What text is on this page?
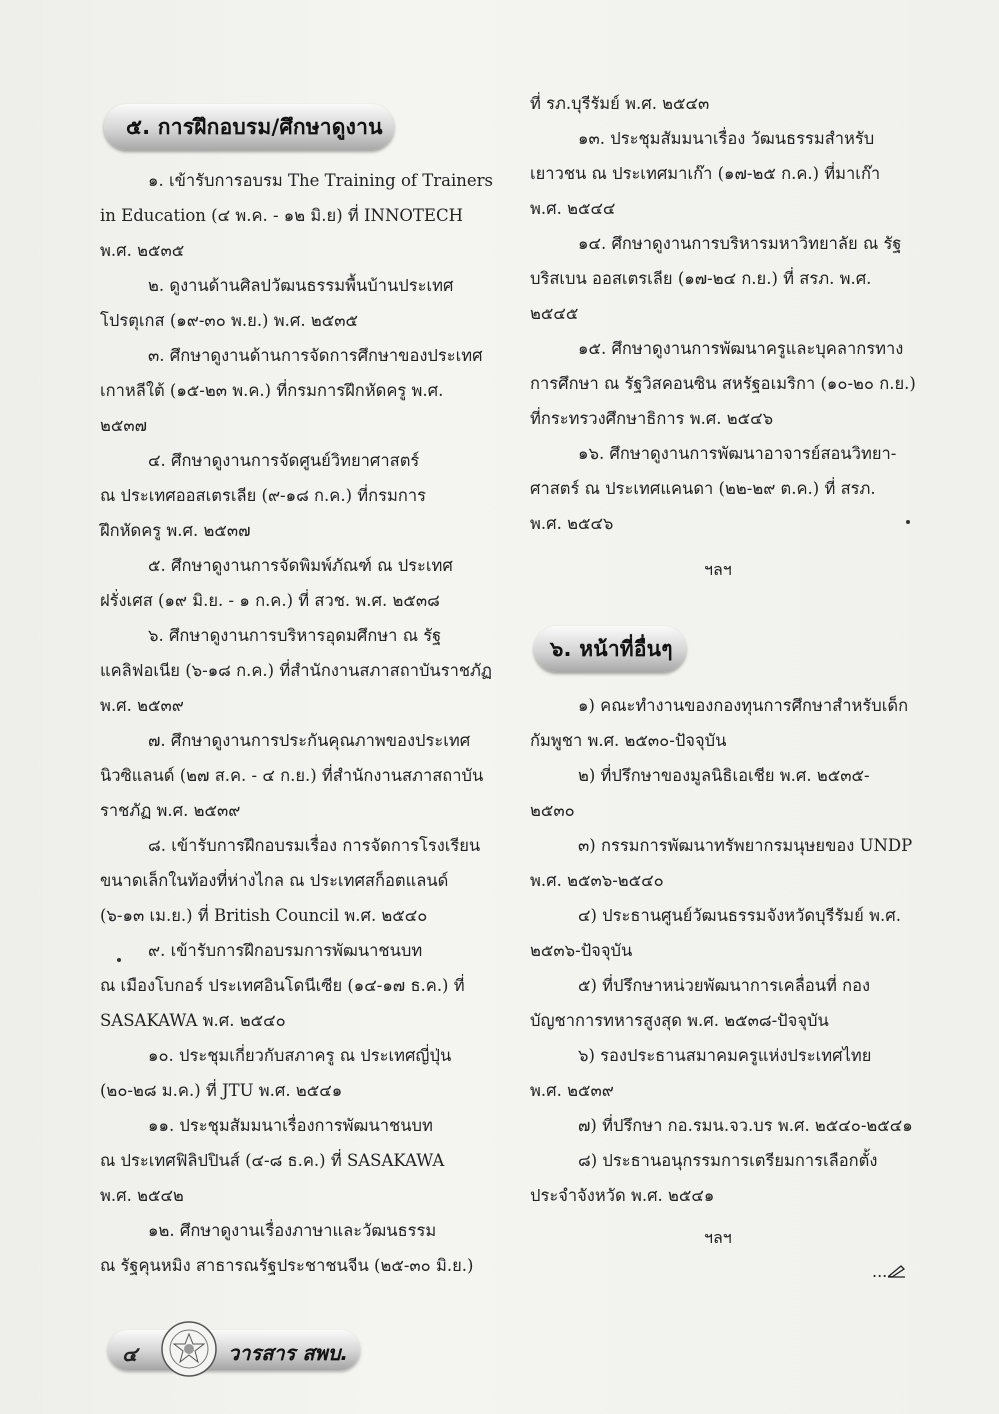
๕. การฝึกอบรม/ศึกษาดูงาน
๑. เข้ารับการอบรม The Training of Trainers
in Education (๔ พ.ค. - ๑๒ มิ.ย) ที่ INNOTECH
พ.ศ. ๒๕๓๕
๒. ดูงานด้านศิลปวัฒนธรรมพื้นบ้านประเทศ
โปรตุเกส (๑๙-๓๐ พ.ย.) พ.ศ. ๒๕๓๕
๓. ศึกษาดูงานด้านการจัดการศึกษาของประเทศ
เกาหลีใต้ (๑๕-๒๓ พ.ค.) ที่กรมการฝึกหัดครู พ.ศ.
๒๕๓๗
๔. ศึกษาดูงานการจัดศูนย์วิทยาศาสตร์
ณ ประเทศออสเตรเลีย (๙-๑๘ ก.ค.) ที่กรมการ
ฝึกหัดครู พ.ศ. ๒๕๓๗
๕. ศึกษาดูงานการจัดพิมพ์ภัณฑ์ ณ ประเทศ
ฝรั่งเศส (๑๙ มิ.ย. - ๑ ก.ค.) ที่ สวช. พ.ศ. ๒๕๓๘
๖. ศึกษาดูงานการบริหารอุดมศึกษา ณ รัฐ
แคลิฟอเนีย (๖-๑๘ ก.ค.) ที่สำนักงานสภาสถาบันราชภัฏ
พ.ศ. ๒๕๓๙
๗. ศึกษาดูงานการประกันคุณภาพของประเทศ
นิวซิแลนด์ (๒๗ ส.ค. - ๔ ก.ย.) ที่สำนักงานสภาสถาบัน
ราชภัฏ พ.ศ. ๒๕๓๙
๘. เข้ารับการฝึกอบรมเรื่อง การจัดการโรงเรียน
ขนาดเล็กในท้องที่ห่างไกล ณ ประเทศสก็อตแลนด์
(๖-๑๓ เม.ย.) ที่ British Council พ.ศ. ๒๕๔๐
๙. เข้ารับการฝึกอบรมการพัฒนาชนบท
ณ เมืองโบกอร์ ประเทศอินโดนีเซีย (๑๔-๑๗ ธ.ค.) ที่
SASAKAWA พ.ศ. ๒๕๔๐
๑๐. ประชุมเกี่ยวกับสภาครู ณ ประเทศญี่ปุ่น
(๒๐-๒๘ ม.ค.) ที่ JTU พ.ศ. ๒๕๔๑
๑๑. ประชุมสัมมนาเรื่องการพัฒนาชนบท
ณ ประเทศฟิลิปปินส์ (๔-๘ ธ.ค.) ที่ SASAKAWA
พ.ศ. ๒๕๔๒
๑๒. ศึกษาดูงานเรื่องภาษาและวัฒนธรรม
ณ รัฐคุนหมิง สาธารณรัฐประชาชนจีน (๒๕-๓๐ มิ.ย.)
ที่ รภ.บุรีรัมย์ พ.ศ. ๒๕๔๓
๑๓. ประชุมสัมมนาเรื่อง วัฒนธรรมสำหรับ
เยาวชน ณ ประเทศมาเก๊า (๑๗-๒๕ ก.ค.) ที่มาเก๊า
พ.ศ. ๒๕๔๔
๑๔. ศึกษาดูงานการบริหารมหาวิทยาลัย ณ รัฐ
บริสเบน ออสเตรเลีย (๑๗-๒๔ ก.ย.) ที่ สรภ. พ.ศ.
๒๕๔๕
๑๕. ศึกษาดูงานการพัฒนาครูและบุคลากรทาง
การศึกษา ณ รัฐวิสคอนซิน สหรัฐอเมริกา (๑๐-๒๐ ก.ย.)
ที่กระทรวงศึกษาธิการ พ.ศ. ๒๕๔๖
๑๖. ศึกษาดูงานการพัฒนาอาจารย์สอนวิทยา-
ศาสตร์ ณ ประเทศแคนดา (๒๒-๒๙ ต.ค.) ที่ สรภ.
พ.ศ. ๒๕๔๖
ฯลฯ
๖. หน้าที่อื่นๆ
๑) คณะทำงานของกองทุนการศึกษาสำหรับเด็ก
กัมพูชา พ.ศ. ๒๕๓๐-ปัจจุบัน
๒) ที่ปรึกษาของมูลนิธิเอเชีย พ.ศ. ๒๕๓๕-
๒๕๓๐
๓) กรรมการพัฒนาทรัพยากรมนุษยของ UNDP
พ.ศ. ๒๕๓๖-๒๕๔๐
๔) ประธานศูนย์วัฒนธรรมจังหวัดบุรีรัมย์ พ.ศ.
๒๕๓๖-ปัจจุบัน
๕) ที่ปรึกษาหน่วยพัฒนาการเคลื่อนที่ กอง
บัญชาการทหารสูงสุด พ.ศ. ๒๕๓๘-ปัจจุบัน
๖) รองประธานสมาคมครูแห่งประเทศไทย
พ.ศ. ๒๕๓๙
๗) ที่ปรึกษา กอ.รมน.จว.บร พ.ศ. ๒๕๔๐-๒๕๔๑
๘) ประธานอนุกรรมการเตรียมการเลือกตั้ง
ประจำจังหวัด พ.ศ. ๒๕๔๑
ฯลฯ
...
๔	วารสาร สพบ.
